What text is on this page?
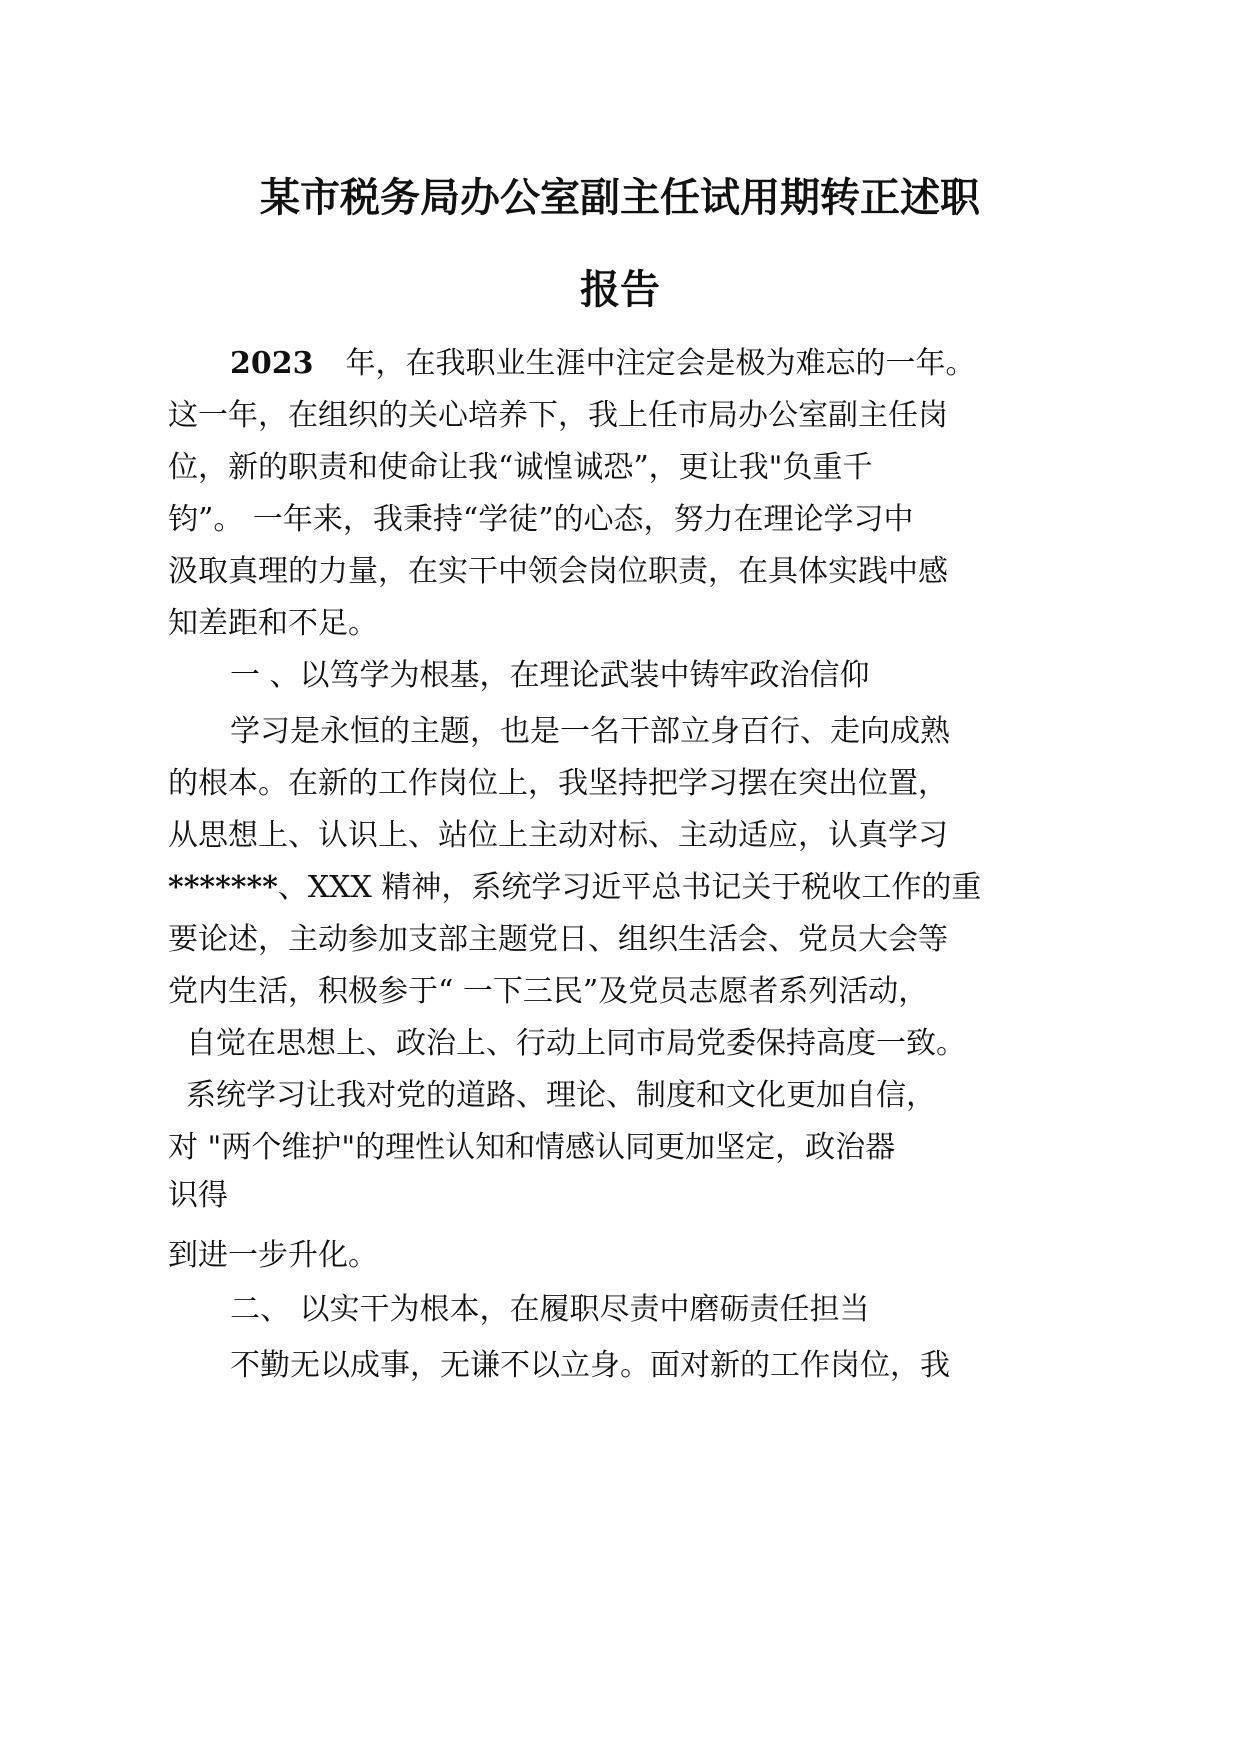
某市税务局办公室副主任试用期转正述职
报告

2023 年，在我职业生涯中注定会是极为难忘的一年。

这一年，在组织的关心培养下，我上任市局办公室副主任岗

位，新的职责和使命让我“诚惶诚恐”，更让我"负重千

钧”。 一年来，我秉持“学徒”的心态，努力在理论学习中

汲取真理的力量，在实干中领会岗位职责，在具体实践中感

知差距和不足。

一 、以笃学为根基，在理论武装中铸牢政治信仰

学习是永恒的主题，也是一名干部立身百行、走向成熟

的根本。在新的工作岗位上，我坚持把学习摆在突出位置，

从思想上、认识上、站位上主动对标、主动适应，认真学习

*******、XXX 精神，系统学习近平总书记关于税收工作的重

要论述，主动参加支部主题党日、组织生活会、党员大会等

党内生活，积极参于“ 一下三民”及党员志愿者系列活动，

自觉在思想上、政治上、行动上同市局党委保持高度一致。

系统学习让我对党的道路、理论、制度和文化更加自信，

对 "两个维护"的理性认知和情感认同更加坚定，政治器

识得

到进一步升化。

二、 以实干为根本，在履职尽责中磨砺责任担当

不勤无以成事，无谦不以立身。面对新的工作岗位，我
